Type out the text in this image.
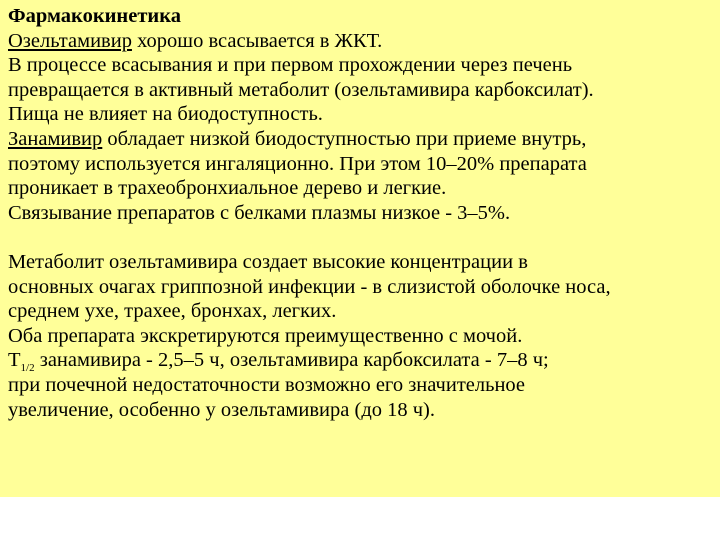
Фармакокинетика
Озельтамивир хорошо всасывается в ЖКТ.
В процессе всасывания и при первом прохождении через печень
превращается в активный метаболит (озельтамивира карбоксилат).
Пища не влияет на биодоступность.
Занамивир обладает низкой биодоступностью при приеме внутрь,
поэтому используется ингаляционно. При этом 10–20% препарата
проникает в трахеобронхиальное дерево и легкие.
Связывание препаратов с белками плазмы низкое - 3–5%.
Метаболит озельтамивира создает высокие концентрации в
основных очагах гриппозной инфекции - в слизистой оболочке носа,
среднем ухе, трахее, бронхах, легких.
Оба препарата экскретируются преимущественно с мочой.
$T_{1/2}$ занамивира - 2,5–5 ч, озельтамивира карбоксилата - 7–8 ч;
при почечной недостаточности возможно его значительное
увеличение, особенно у озельтамивира (до 18 ч).
